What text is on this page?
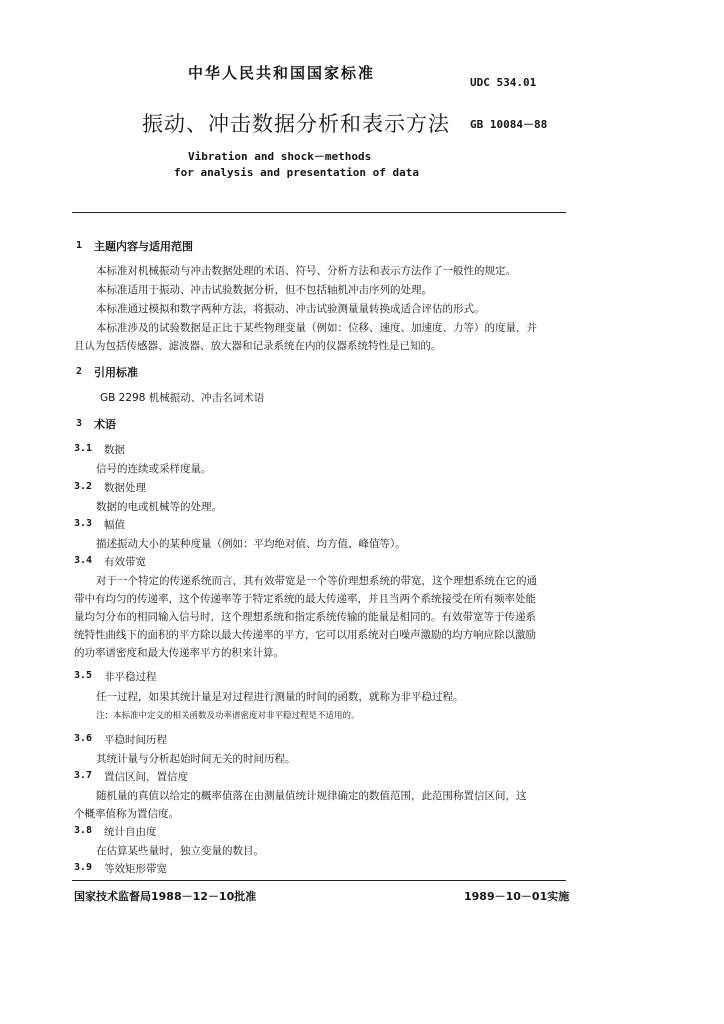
中华人民共和国国家标准
UDC 534.01
振动、冲击数据分析和表示方法 GB 10084－88
Vibration and shock－methods
for analysis and presentation of data
1 主题内容与适用范围
本标准对机械振动与冲击数据处理的术语、符号、分析方法和表示方法作了一般性的规定。
本标准适用于振动、冲击试验数据分析，但不包括轴机冲击序列的处理。
本标准通过模拟和数字两种方法，将振动、冲击试验测量量转换成适合评估的形式。
本标准涉及的试验数据是正比于某些物理变量（例如：位移、速度、加速度、力等）的度量，并
且认为包括传感器、滤波器、放大器和记录系统在内的仪器系统特性是已知的。
2 引用标准
GB 2298 机械振动、冲击名词术语
3 术语
3.1 数据
信号的连续或采样度量。
3.2 数据处理
数据的电或机械等的处理。
3.3 幅值
描述振动大小的某种度量（例如：平均绝对值、均方值、峰值等）。
3.4 有效带宽
对于一个特定的传递系统而言，其有效带宽是一个等价理想系统的带宽，这个理想系统在它的通
带中有均匀的传递率，这个传递率等于特定系统的最大传递率，并且当两个系统接受在所有频率处能
量均匀分布的相同输入信号时，这个理想系统和指定系统传输的能量是相同的。有效带宽等于传递系
统特性曲线下的面积的平方除以最大传递率的平方，它可以用系统对白噪声激励的均方响应除以激励
的功率谱密度和最大传递率平方的积来计算。
3.5 非平稳过程
任一过程，如果其统计量是对过程进行测量的时间的函数，就称为非平稳过程。
注：本标准中定义的相关函数及功率谱密度对非平稳过程是不适用的。
3.6 平稳时间历程
其统计量与分析起始时间无关的时间历程。
3.7 置信区间，置信度
随机量的真值以给定的概率值落在由测量值统计规律确定的数值范围，此范围称置信区间，这
个概率值称为置信度。
3.8 统计自由度
在估算某些量时，独立变量的数目。
3.9 等效矩形带宽
国家技术监督局1988－12－10批准	1989－10－01实施
